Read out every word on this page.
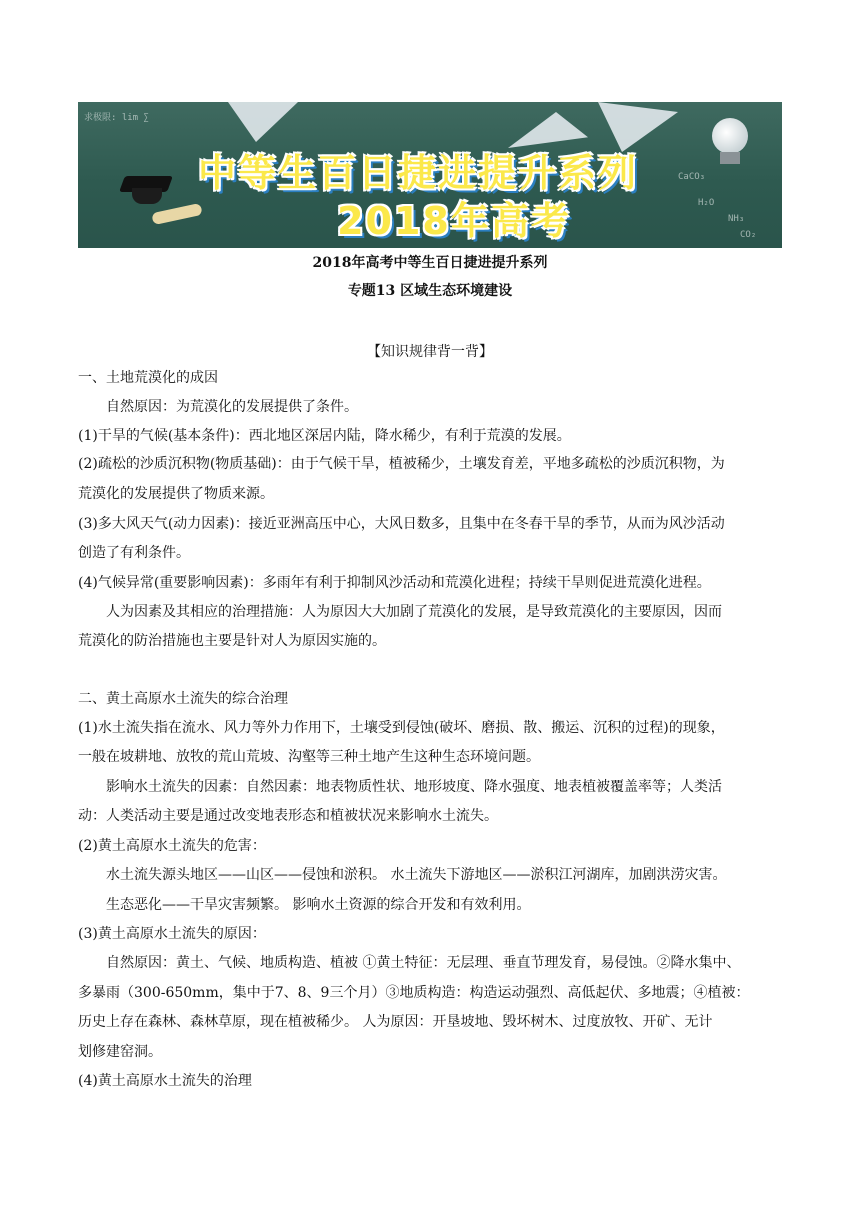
求极限: lim ∑
CaCO₃
H₂O
NH₃
CO₂
中等生百日捷进提升系列
2018年高考
2018年高考中等生百日捷进提升系列
专题13 区域生态环境建设
【知识规律背一背】
一、土地荒漠化的成因
自然原因：为荒漠化的发展提供了条件。
(1)干旱的气候(基本条件)：西北地区深居内陆，降水稀少，有利于荒漠的发展。
(2)疏松的沙质沉积物(物质基础)：由于气候干旱，植被稀少，土壤发育差，平地多疏松的沙质沉积物，为
荒漠化的发展提供了物质来源。
(3)多大风天气(动力因素)：接近亚洲高压中心，大风日数多，且集中在冬春干旱的季节，从而为风沙活动
创造了有利条件。
(4)气候异常(重要影响因素)：多雨年有利于抑制风沙活动和荒漠化进程；持续干旱则促进荒漠化进程。
人为因素及其相应的治理措施：人为原因大大加剧了荒漠化的发展，是导致荒漠化的主要原因，因而
荒漠化的防治措施也主要是针对人为原因实施的。
二、黄土高原水土流失的综合治理
(1)水土流失指在流水、风力等外力作用下，土壤受到侵蚀(破坏、磨损、散、搬运、沉积的过程)的现象，
一般在坡耕地、放牧的荒山荒坡、沟壑等三种土地产生这种生态环境问题。
影响水土流失的因素：自然因素：地表物质性状、地形坡度、降水强度、地表植被覆盖率等；人类活
动：人类活动主要是通过改变地表形态和植被状况来影响水土流失。
(2)黄土高原水土流失的危害：
水土流失源头地区——山区——侵蚀和淤积。 水土流失下游地区——淤积江河湖库，加剧洪涝灾害。
生态恶化——干旱灾害频繁。 影响水土资源的综合开发和有效利用。
(3)黄土高原水土流失的原因：
自然原因：黄土、气候、地质构造、植被 ①黄土特征：无层理、垂直节理发育，易侵蚀。②降水集中、
多暴雨（300-650mm，集中于7、8、9三个月）③地质构造：构造运动强烈、高低起伏、多地震；④植被：
历史上存在森林、森林草原，现在植被稀少。 人为原因：开垦坡地、毁坏树木、过度放牧、开矿、无计
划修建窑洞。
(4)黄土高原水土流失的治理
